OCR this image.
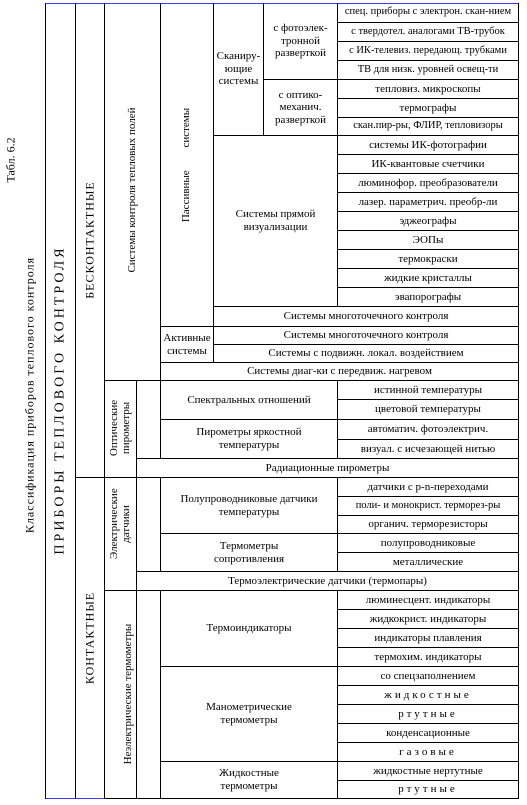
Табл. 6.2
Классификация приборов теплового контроля ПРИБОРЫ ТЕПЛОВОГО КОНТРОЛЯ
БЕСКОНТАКТНЫЕ
КОНТАКТНЫЕ
Системы контроля тепловых полей	Пассивные системы
Оптические пирометры
Электрические датчики
Неэлектрические термометры
Сканиру-ющие системы
с фотоэлек-тронной разверткой
с оптико-механич. разверткой
спец. приборы с электрон. скан-нием
с твердотел. аналогами ТВ-трубок
с ИК-телевиз. передающ. трубками
ТВ для низк. уровней освещ-ти
тепловиз. микроскопы
термографы
скан.пир-ры, ФЛИР, тепловизоры
Системы прямой визуализации
системы ИК-фотографии
ИК-квантовые счетчики
люминофор. преобразователи
лазер. параметрич. преобр-ли
эджеографы
ЭОПы
термокраски
жидкие кристаллы
эвапорографы
Системы многоточечного контроля
Активные системы
Системы многоточечного контроля
Системы с подвижн. локал. воздействием
Системы диаг-ки с передвиж. нагревом
Спектральных отношений
истинной температуры
цветовой температуры
Пирометры яркостной температуры
автоматич. фотоэлектрич.
визуал. с исчезающей нитью
Радиационные пирометры
Полупроводниковые датчики температуры
датчики с p-n-переходами
поли- и монокрист. терморез-ры
органич. терморезисторы
Термометры сопротивления
полупроводниковые
металлические
Термоэлектрические датчики (термопары)
Термоиндикаторы
люминесцент. индикаторы
жидкокрист. индикаторы
индикаторы плавления
термохим. индикаторы
Манометрические термометры
со спецзаполнением
жидкостные
ртутные
конденсационные
газовые
Жидкостные термометры
жидкостные нертутные
ртутные
